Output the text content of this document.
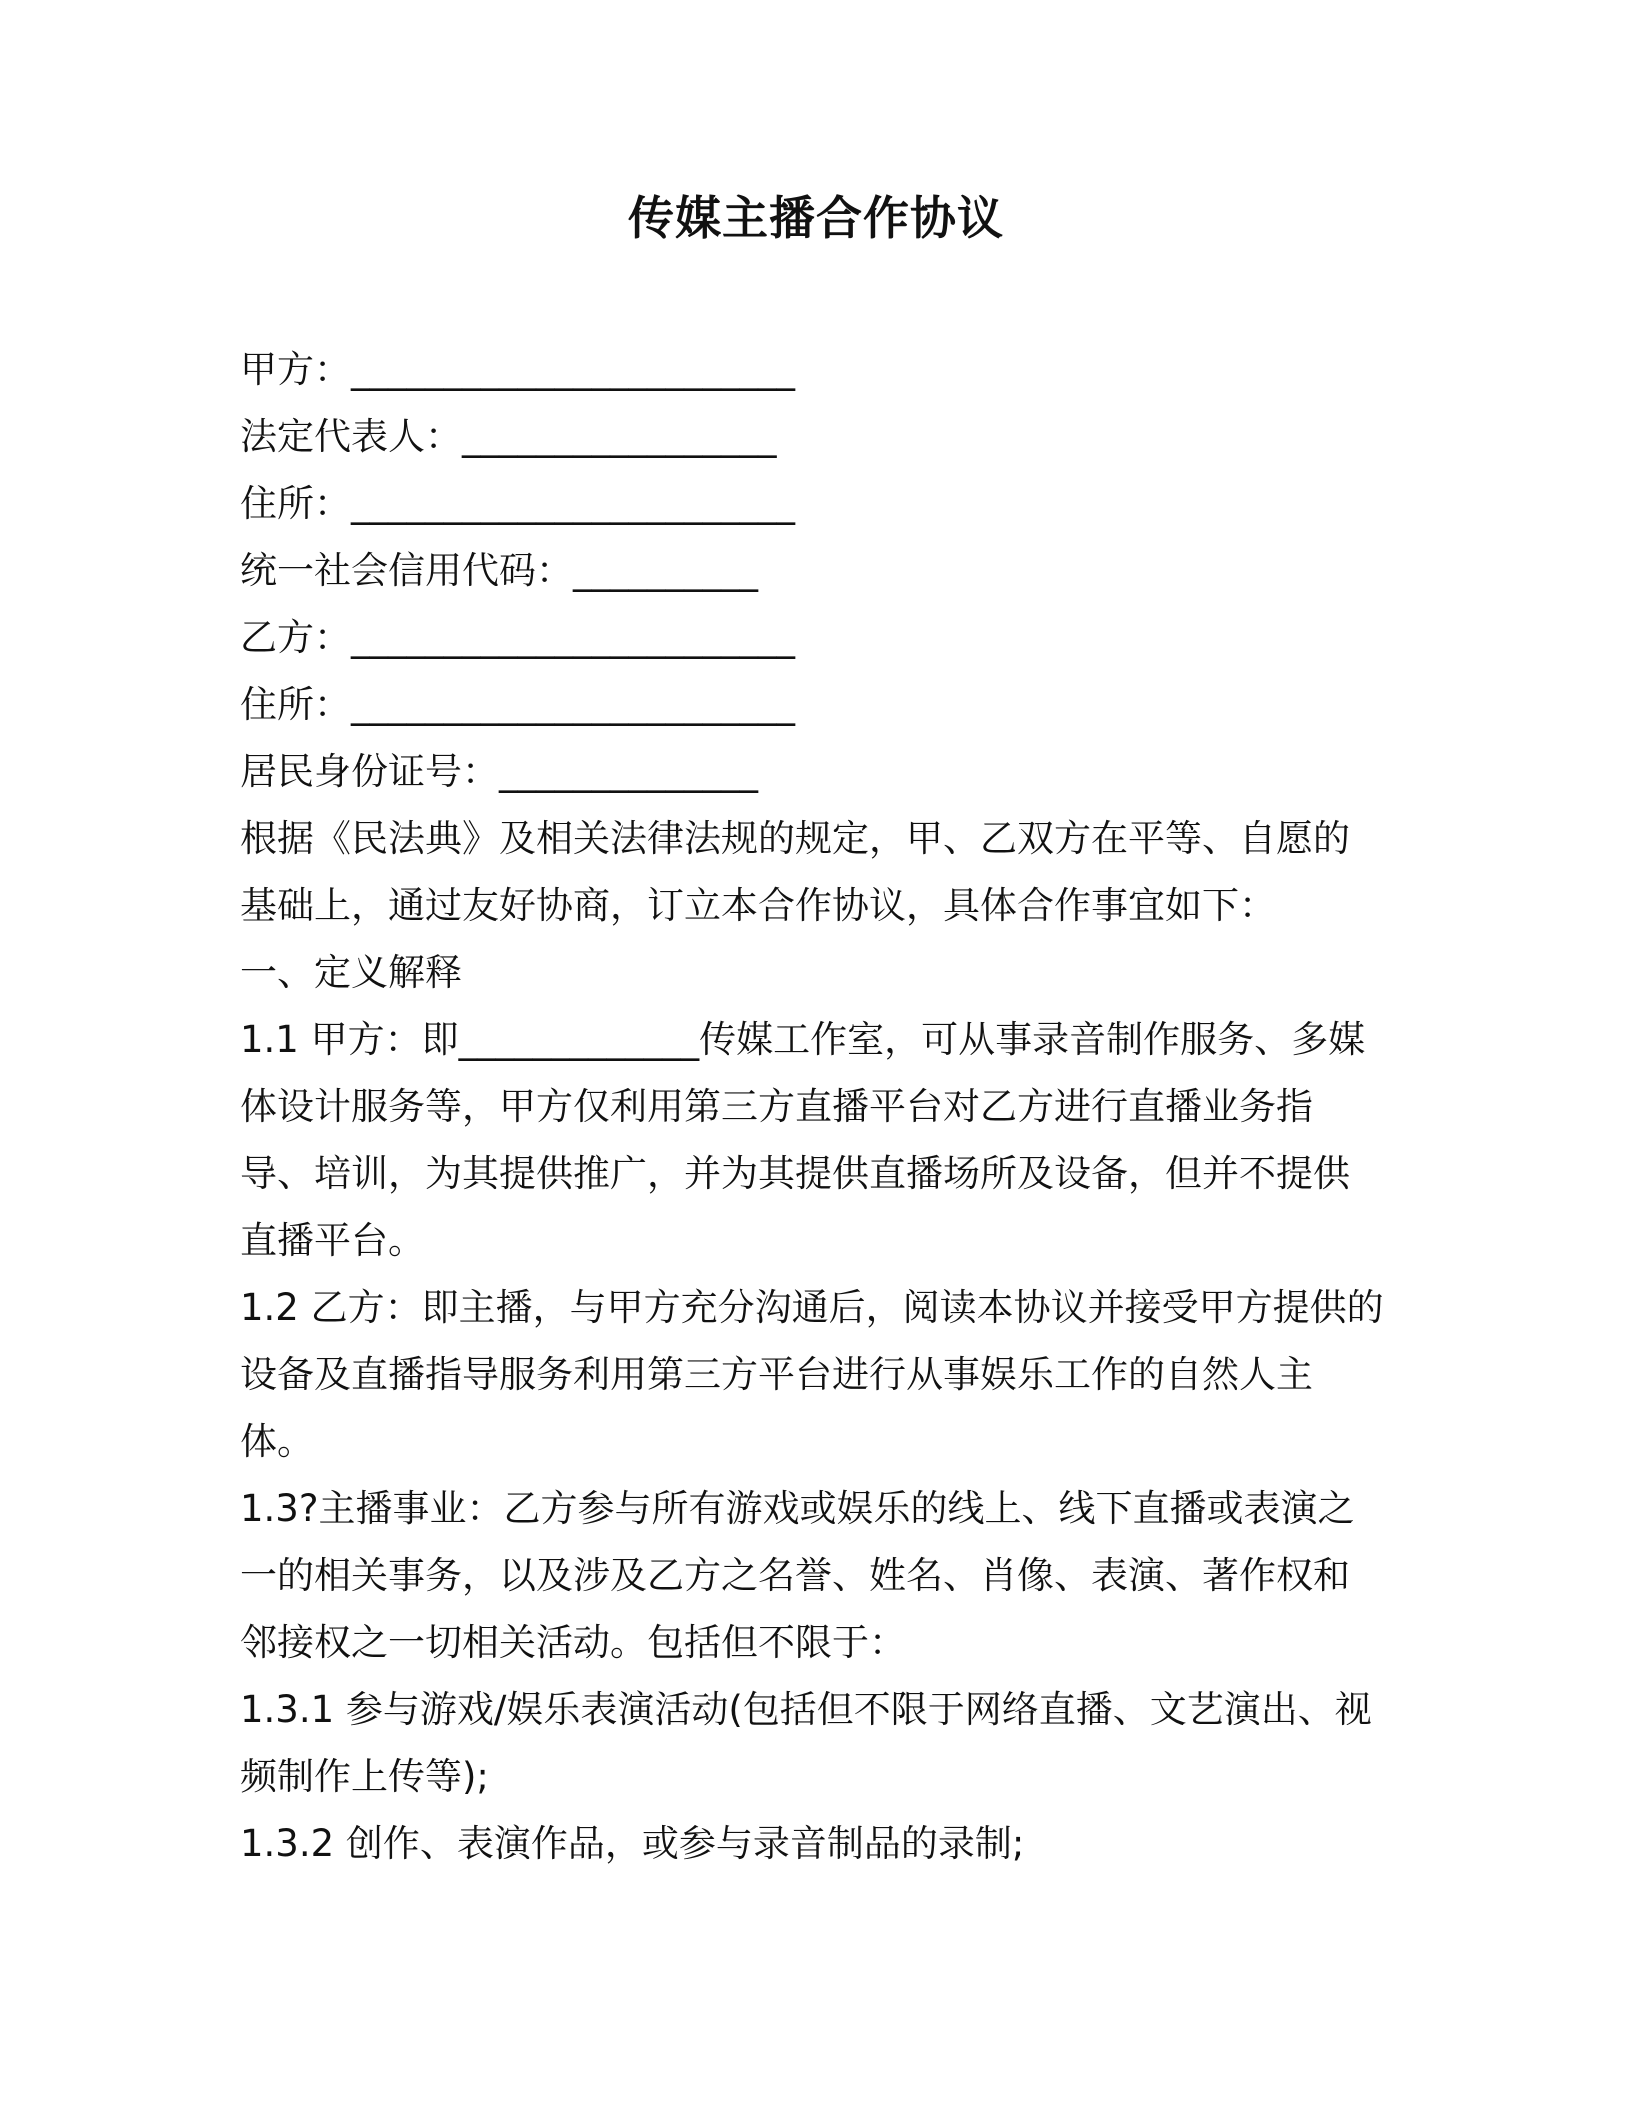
传媒主播合作协议
甲方：________________________
法定代表人：_________________
住所：________________________
统一社会信用代码：__________
乙方：________________________
住所：________________________
居民身份证号：______________
根据《民法典》及相关法律法规的规定，甲、乙双方在平等、自愿的
基础上，通过友好协商，订立本合作协议，具体合作事宜如下：
一、定义解释
1.1 甲方：即_____________传媒工作室，可从事录音制作服务、多媒
体设计服务等，甲方仅利用第三方直播平台对乙方进行直播业务指
导、培训，为其提供推广，并为其提供直播场所及设备，但并不提供
直播平台。
1.2 乙方：即主播，与甲方充分沟通后，阅读本协议并接受甲方提供的
设备及直播指导服务利用第三方平台进行从事娱乐工作的自然人主
体。
1.3?主播事业：乙方参与所有游戏或娱乐的线上、线下直播或表演之
一的相关事务，以及涉及乙方之名誉、姓名、肖像、表演、著作权和
邻接权之一切相关活动。包括但不限于：
1.3.1 参与游戏/娱乐表演活动(包括但不限于网络直播、文艺演出、视
频制作上传等);
1.3.2 创作、表演作品，或参与录音制品的录制;
